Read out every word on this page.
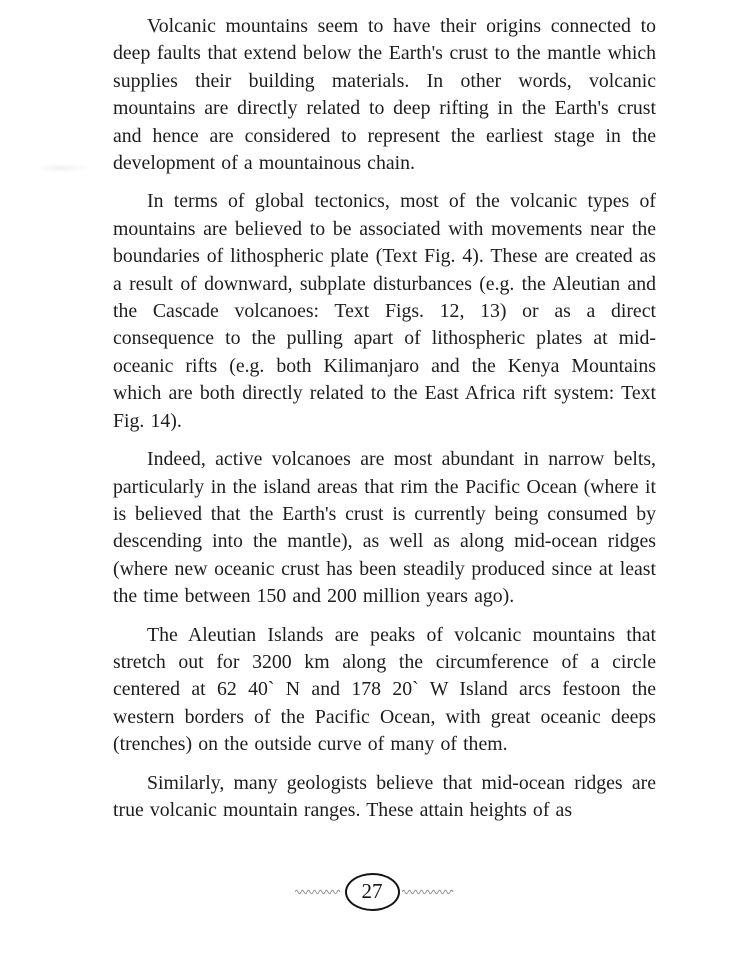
Volcanic mountains seem to have their origins connected to deep faults that extend below the Earth's crust to the mantle which supplies their building materials. In other words, volcanic mountains are directly related to deep rifting in the Earth's crust and hence are considered to represent the earliest stage in the development of a mountainous chain.

In terms of global tectonics, most of the volcanic types of mountains are believed to be associated with movements near the boundaries of lithospheric plate (Text Fig. 4). These are created as a result of downward, subplate disturbances (e.g. the Aleutian and the Cascade volcanoes: Text Figs. 12, 13) or as a direct consequence to the pulling apart of lithospheric plates at mid-oceanic rifts (e.g. both Kilimanjaro and the Kenya Mountains which are both directly related to the East Africa rift system: Text Fig. 14).

Indeed, active volcanoes are most abundant in narrow belts, particularly in the island areas that rim the Pacific Ocean (where it is believed that the Earth's crust is currently being consumed by descending into the mantle), as well as along mid-ocean ridges (where new oceanic crust has been steadily produced since at least the time between 150 and 200 million years ago).

The Aleutian Islands are peaks of volcanic mountains that stretch out for 3200 km along the circumference of a circle centered at 62 40` N and 178 20` W Island arcs festoon the western borders of the Pacific Ocean, with great oceanic deeps (trenches) on the outside curve of many of them.

Similarly, many geologists believe that mid-ocean ridges are true volcanic mountain ranges. These attain heights of as

27
